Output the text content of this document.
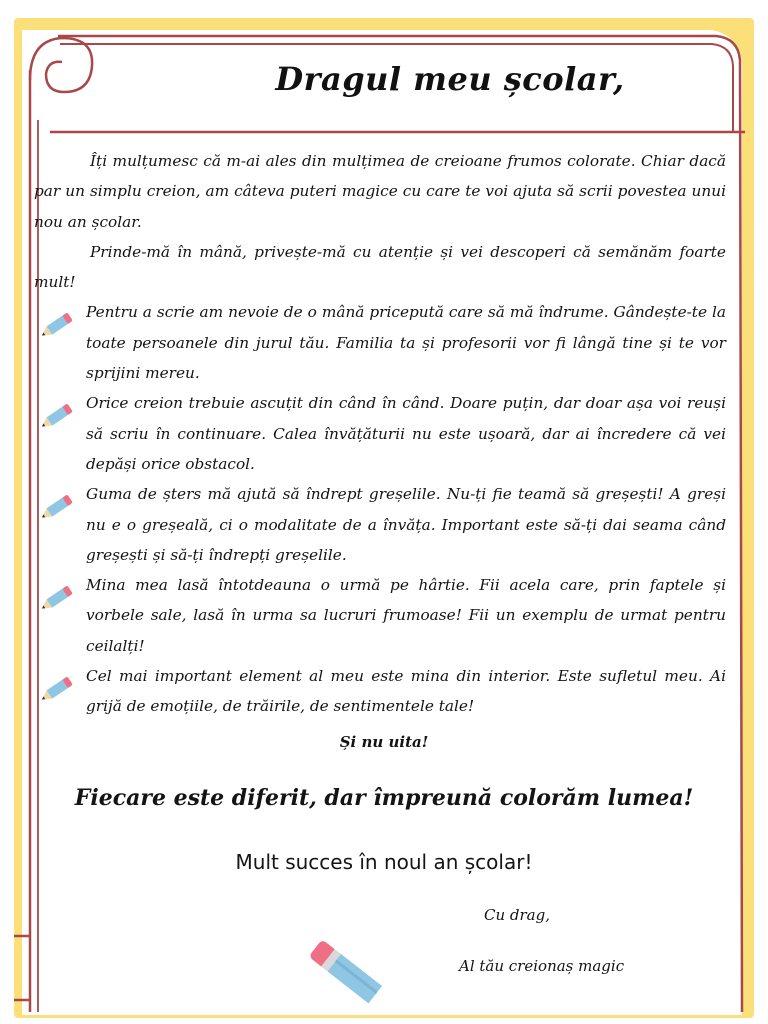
Dragul meu școlar,

Îți mulțumesc că m-ai ales din mulțimea de creioane frumos colorate. Chiar dacă par un simplu creion, am câteva puteri magice cu care te voi ajuta să scrii povestea unui nou an școlar.

Prinde-mă în mână, privește-mă cu atenție și vei descoperi că semănăm foarte mult!

Pentru a scrie am nevoie de o mână pricepută care să mă îndrume. Gândește-te la toate persoanele din jurul tău. Familia ta și profesorii vor fi lângă tine și te vor sprijini mereu.
Orice creion trebuie ascuțit din când în când. Doare puțin, dar doar așa voi reuși să scriu în continuare. Calea învățăturii nu este ușoară, dar ai încredere că vei depăși orice obstacol.
Guma de șters mă ajută să îndrept greșelile. Nu-ți fie teamă să greșești! A greși nu e o greșeală, ci o modalitate de a învăța. Important este să-ți dai seama când greșești și să-ți îndrepți greșelile.
Mina mea lasă întotdeauna o urmă pe hârtie. Fii acela care, prin faptele și vorbele sale, lasă în urma sa lucruri frumoase! Fii un exemplu de urmat pentru ceilalți!
Cel mai important element al meu este mina din interior. Este sufletul meu. Ai grijă de emoțiile, de trăirile, de sentimentele tale!
Și nu uita!
Fiecare este diferit, dar împreună colorăm lumea!
Mult succes în noul an școlar!
Cu drag,
Al tău creionaș magic
